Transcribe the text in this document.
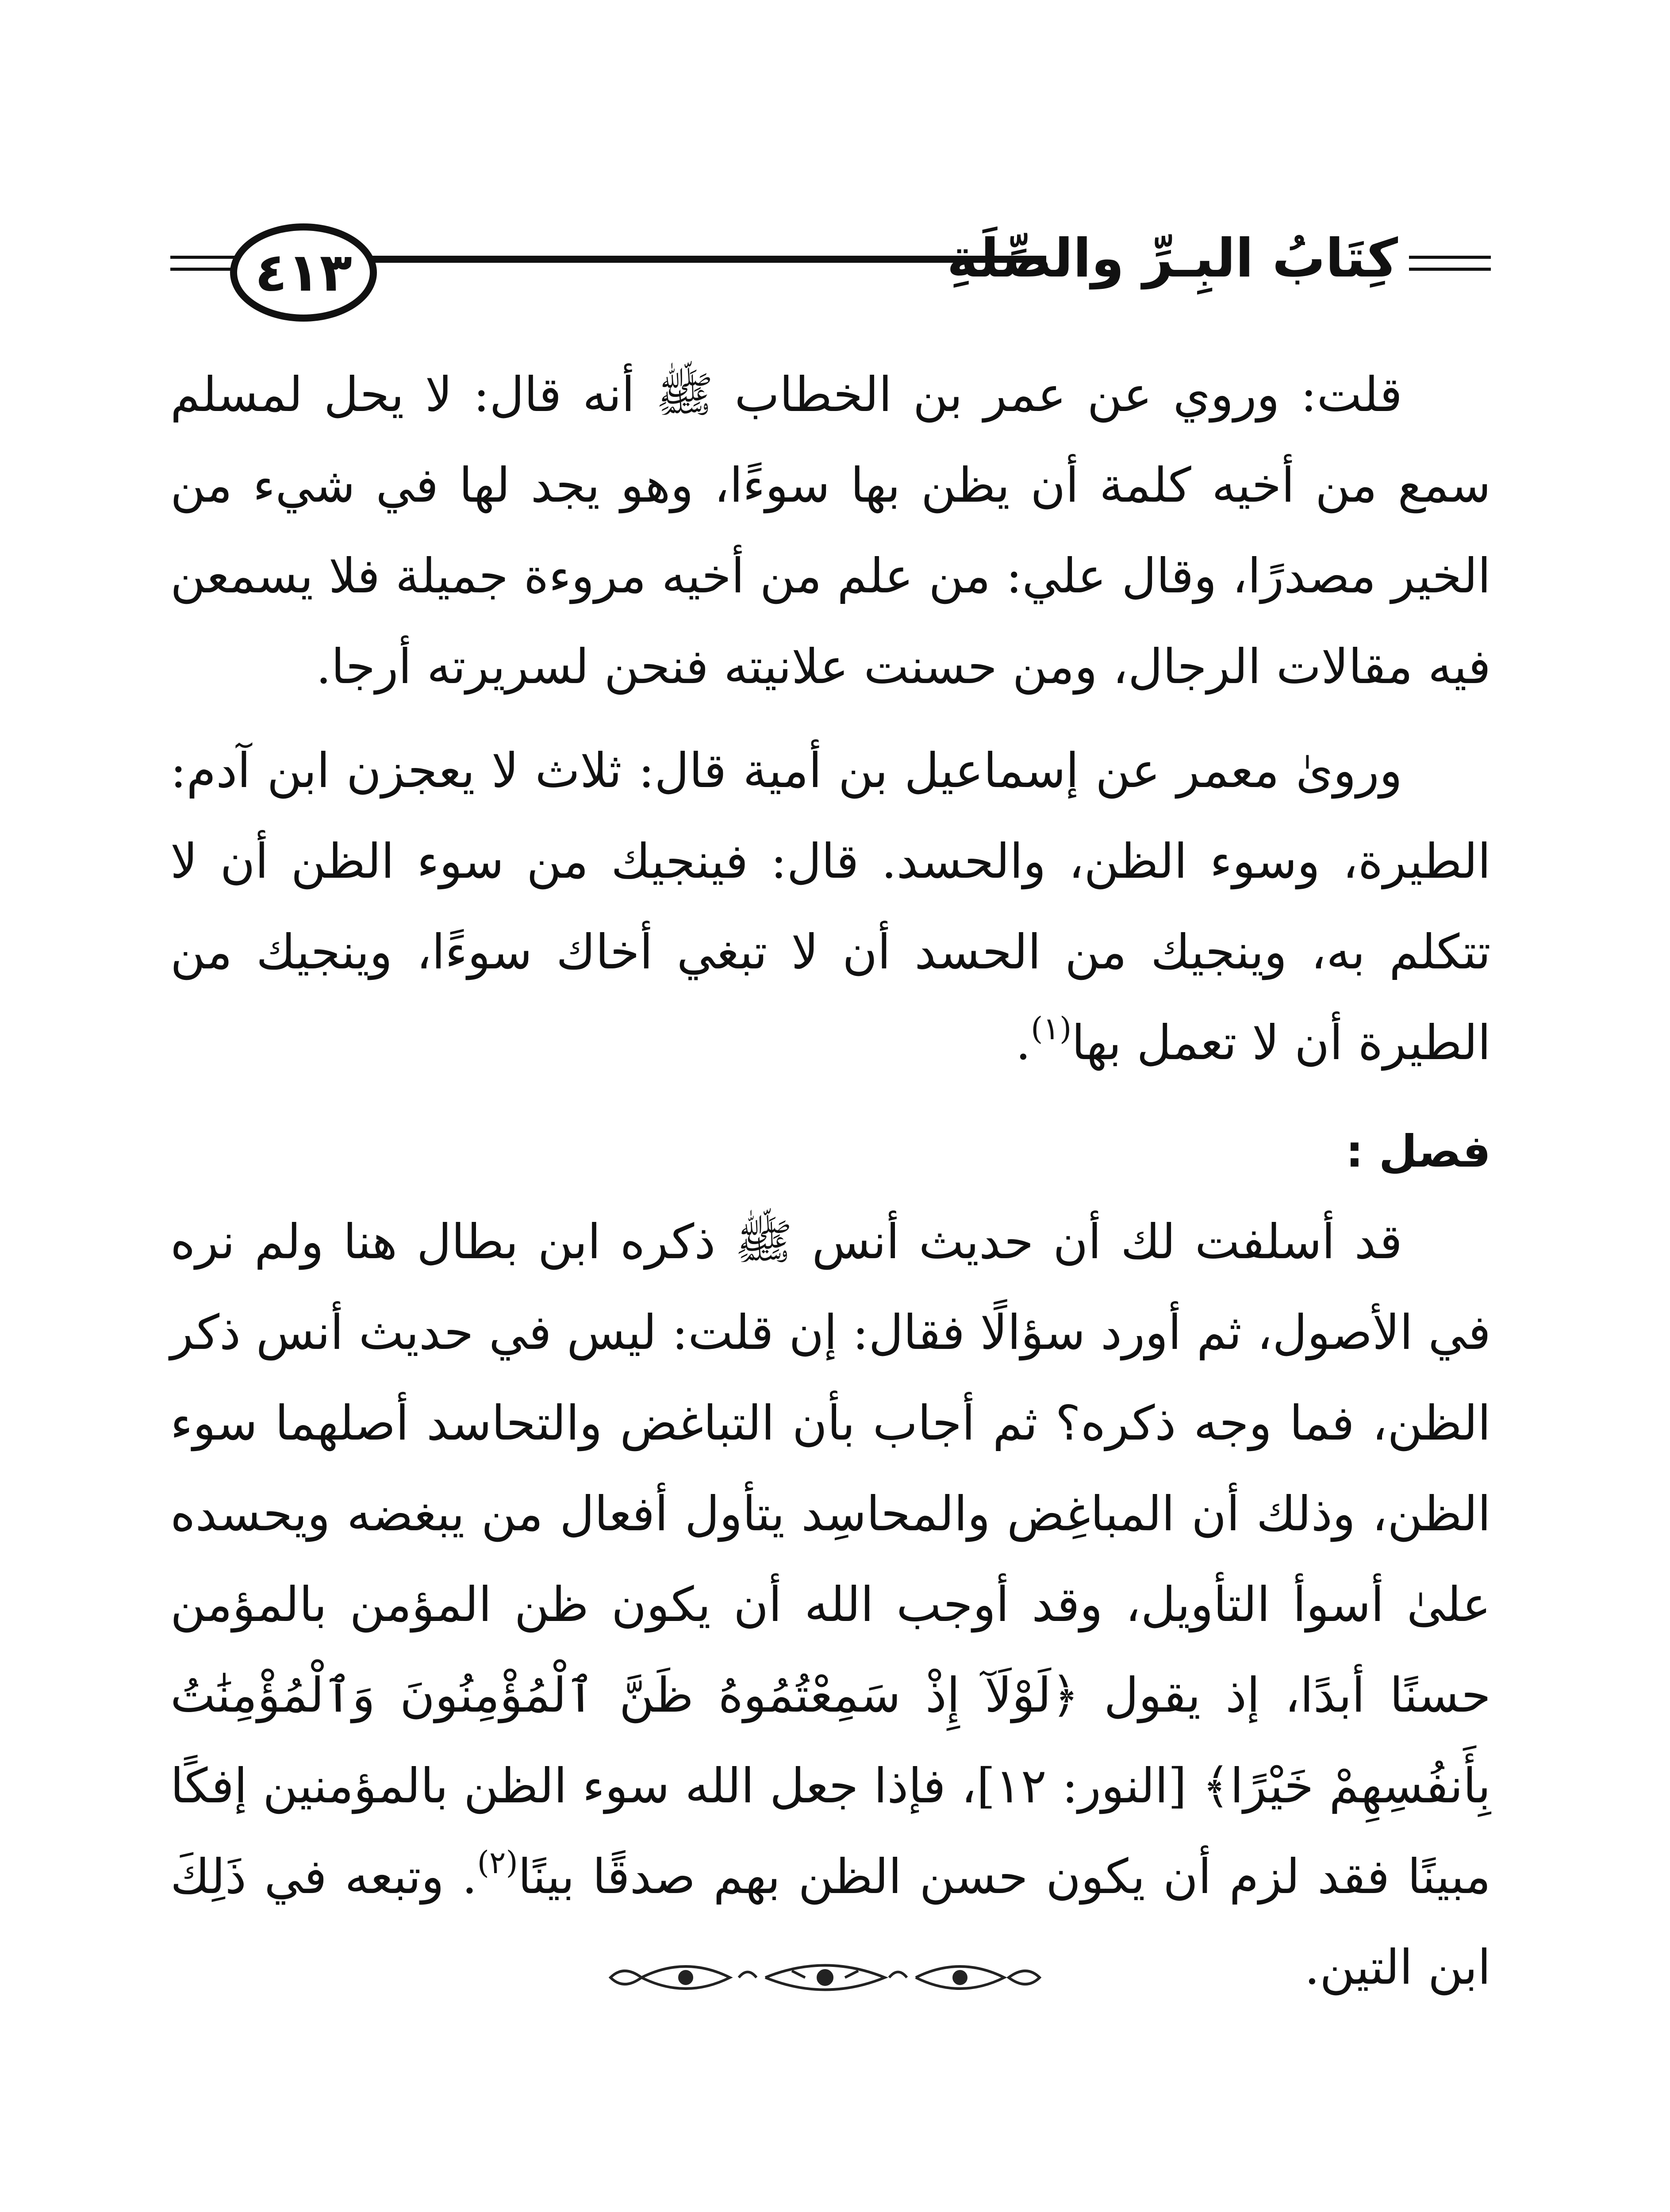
٤١٣	كِتَابُ البِـرِّ والصِّلَةِ

قلت: وروي عن عمر بن الخطاب ﷺ أنه قال: لا يحل لمسلم سمع من أخيه كلمة أن يظن بها سوءًا، وهو يجد لها في شيء من الخير مصدرًا، وقال علي: من علم من أخيه مروءة جميلة فلا يسمعن فيه مقالات الرجال، ومن حسنت علانيته فنحن لسريرته أرجا.

وروىٰ معمر عن إسماعيل بن أمية قال: ثلاث لا يعجزن ابن آدم: الطيرة، وسوء الظن، والحسد. قال: فينجيك من سوء الظن أن لا تتكلم به، وينجيك من الحسد أن لا تبغي أخاك سوءًا، وينجيك من الطيرة أن لا تعمل بها$^{(١)}$.

فصل :

قد أسلفت لك أن حديث أنس ﷺ ذكره ابن بطال هنا ولم نره في الأصول، ثم أورد سؤالًا فقال: إن قلت: ليس في حديث أنس ذكر الظن، فما وجه ذكره؟ ثم أجاب بأن التباغض والتحاسد أصلهما سوء الظن، وذلك أن المباغِض والمحاسِد يتأول أفعال من يبغضه ويحسده علىٰ أسوأ التأويل، وقد أوجب الله أن يكون ظن المؤمن بالمؤمن حسنًا أبدًا، إذ يقول ﴿لَوْلَآ إِذْ سَمِعْتُمُوهُ ظَنَّ ٱلْمُؤْمِنُونَ وَٱلْمُؤْمِنَٰتُ بِأَنفُسِهِمْ خَيْرًا﴾ [النور: ١٢]، فإذا جعل الله سوء الظن بالمؤمنين إفكًا مبينًا فقد لزم أن يكون حسن الظن بهم صدقًا بينًا$^{(٢)}$. وتبعه في ذَلِكَ ابن التين.
